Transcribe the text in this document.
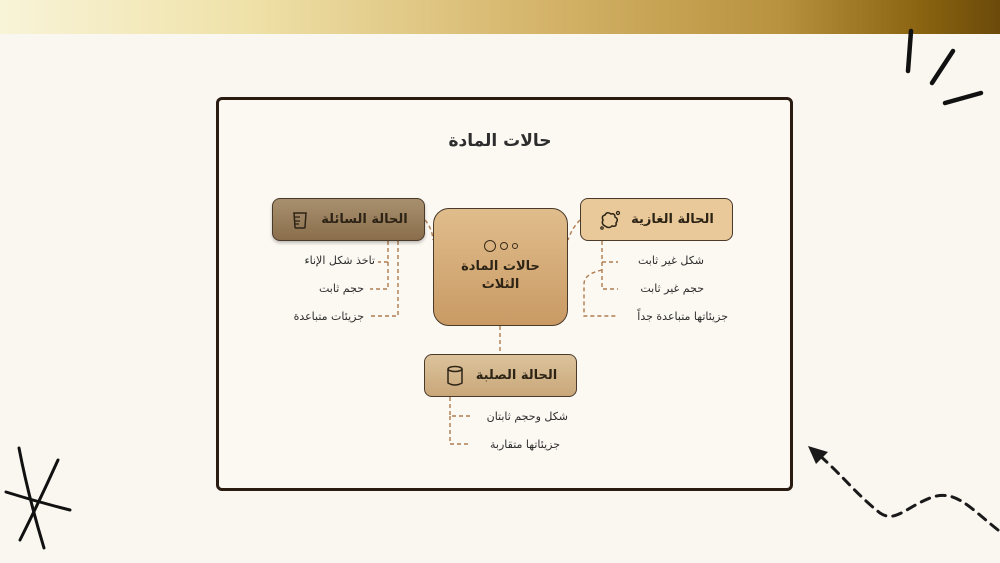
حالات المادة
الحالة السائلة	الحالة الغازية
الحالة الصلبة
حالات المادة الثلاث
تاخذ شكل الإناء
حجم ثابت
جزيئات متباعدة
شكل غير ثابت
حجم غير ثابت
جزيئاتها متباعدة جداً
شكل وحجم ثابتان
جزيئاتها متقاربة
